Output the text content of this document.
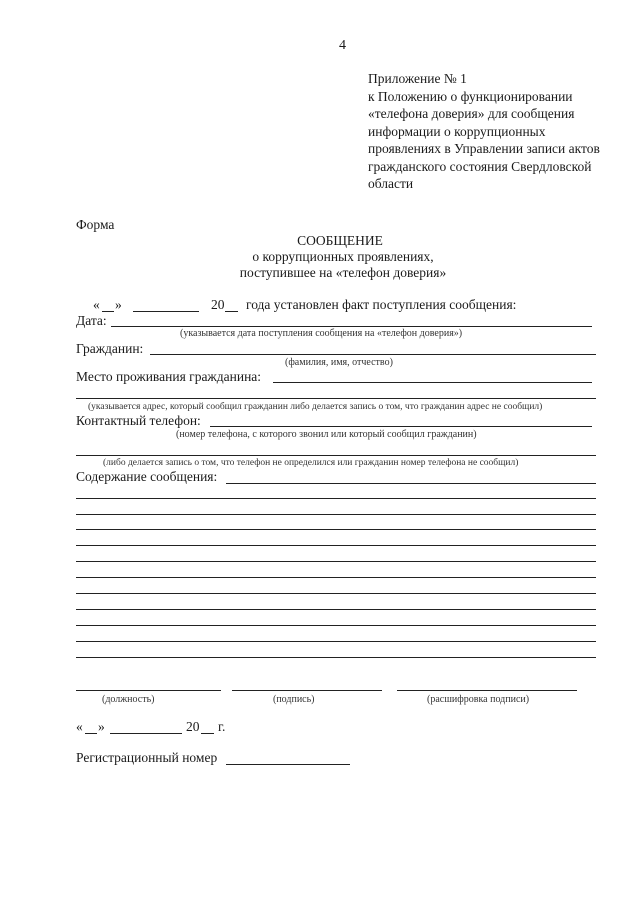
4
Приложение № 1
к Положению о функционировании
«телефона доверия» для сообщения
информации о коррупционных
проявлениях в Управлении записи актов
гражданского состояния Свердловской
области
Форма
СООБЩЕНИЕ
о коррупционных проявлениях,
поступившее на «телефон доверия»
« »	20 года установлен факт поступления сообщения:
Дата:
(указывается дата поступления сообщения на «телефон доверия»)
Гражданин:
(фамилия, имя, отчество)
Место проживания гражданина:
(указывается адрес, который сообщил гражданин либо делается запись о том, что гражданин адрес не сообщил)
Контактный телефон:
(номер телефона, с которого звонил или который сообщил гражданин)
(либо делается запись о том, что телефон не определился или гражданин номер телефона не сообщил)
Содержание сообщения:
(должность)	(подпись)	(расшифровка подписи)
« »	20 г.
Регистрационный номер
